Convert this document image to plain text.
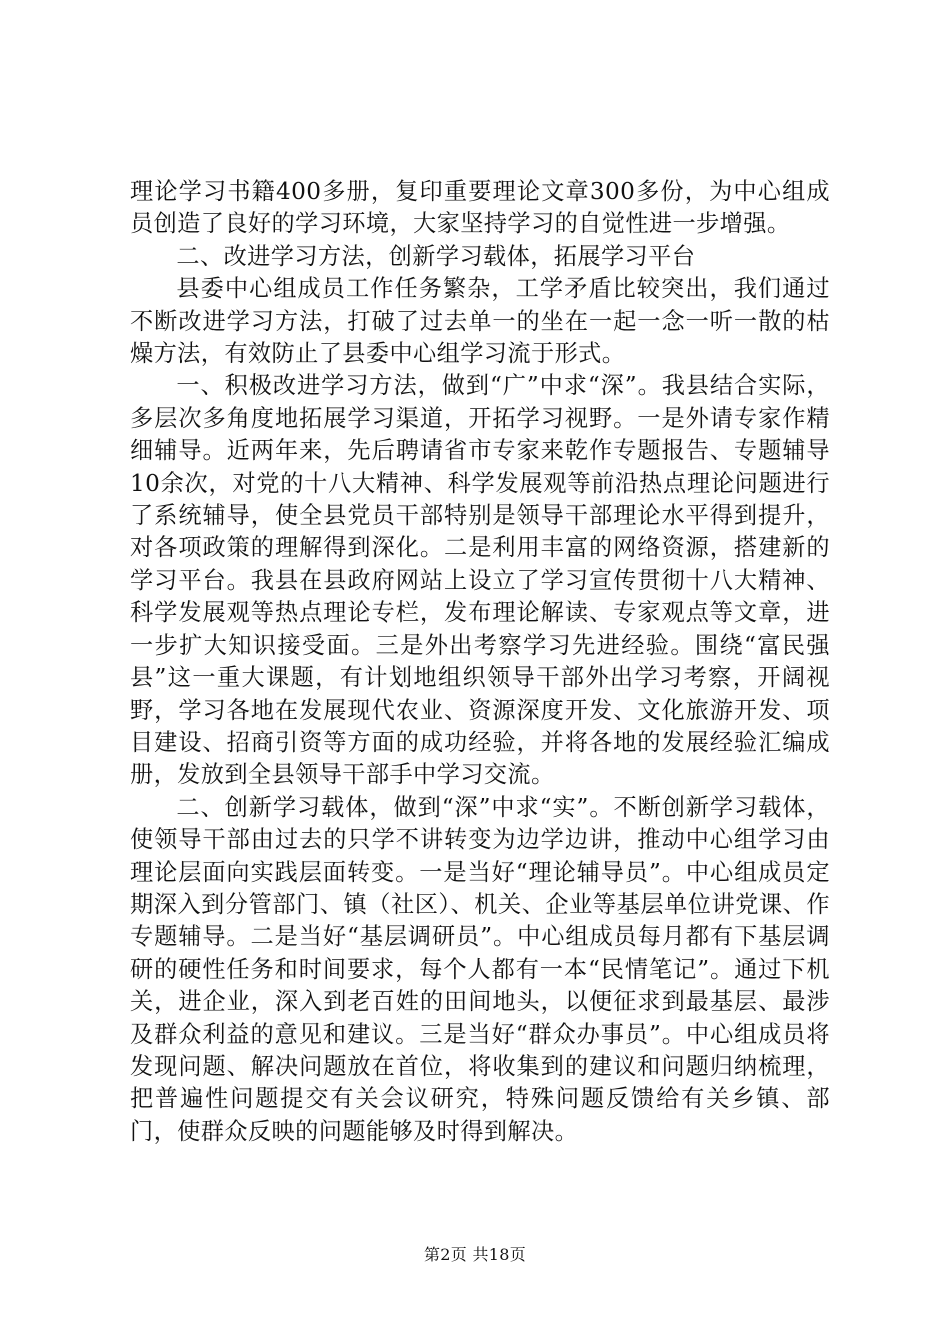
理论学习书籍400多册，复印重要理论文章300多份，为中心组成员创造了良好的学习环境，大家坚持学习的自觉性进一步增强。

二、改进学习方法，创新学习载体，拓展学习平台

县委中心组成员工作任务繁杂，工学矛盾比较突出，我们通过不断改进学习方法，打破了过去单一的坐在一起一念一听一散的枯燥方法，有效防止了县委中心组学习流于形式。

一、积极改进学习方法，做到“广”中求“深”。我县结合实际，多层次多角度地拓展学习渠道，开拓学习视野。一是外请专家作精细辅导。近两年来，先后聘请省市专家来乾作专题报告、专题辅导10余次，对党的十八大精神、科学发展观等前沿热点理论问题进行了系统辅导，使全县党员干部特别是领导干部理论水平得到提升，对各项政策的理解得到深化。二是利用丰富的网络资源，搭建新的学习平台。我县在县政府网站上设立了学习宣传贯彻十八大精神、科学发展观等热点理论专栏，发布理论解读、专家观点等文章，进一步扩大知识接受面。三是外出考察学习先进经验。围绕“富民强县”这一重大课题，有计划地组织领导干部外出学习考察，开阔视野，学习各地在发展现代农业、资源深度开发、文化旅游开发、项目建设、招商引资等方面的成功经验，并将各地的发展经验汇编成册，发放到全县领导干部手中学习交流。

二、创新学习载体，做到“深”中求“实”。不断创新学习载体，使领导干部由过去的只学不讲转变为边学边讲，推动中心组学习由理论层面向实践层面转变。一是当好“理论辅导员”。中心组成员定期深入到分管部门、镇（社区）、机关、企业等基层单位讲党课、作专题辅导。二是当好“基层调研员”。中心组成员每月都有下基层调研的硬性任务和时间要求，每个人都有一本“民情笔记”。通过下机关，进企业，深入到老百姓的田间地头，以便征求到最基层、最涉及群众利益的意见和建议。三是当好“群众办事员”。中心组成员将发现问题、解决问题放在首位，将收集到的建议和问题归纳梳理，把普遍性问题提交有关会议研究，特殊问题反馈给有关乡镇、部门，使群众反映的问题能够及时得到解决。

第2页 共18页
